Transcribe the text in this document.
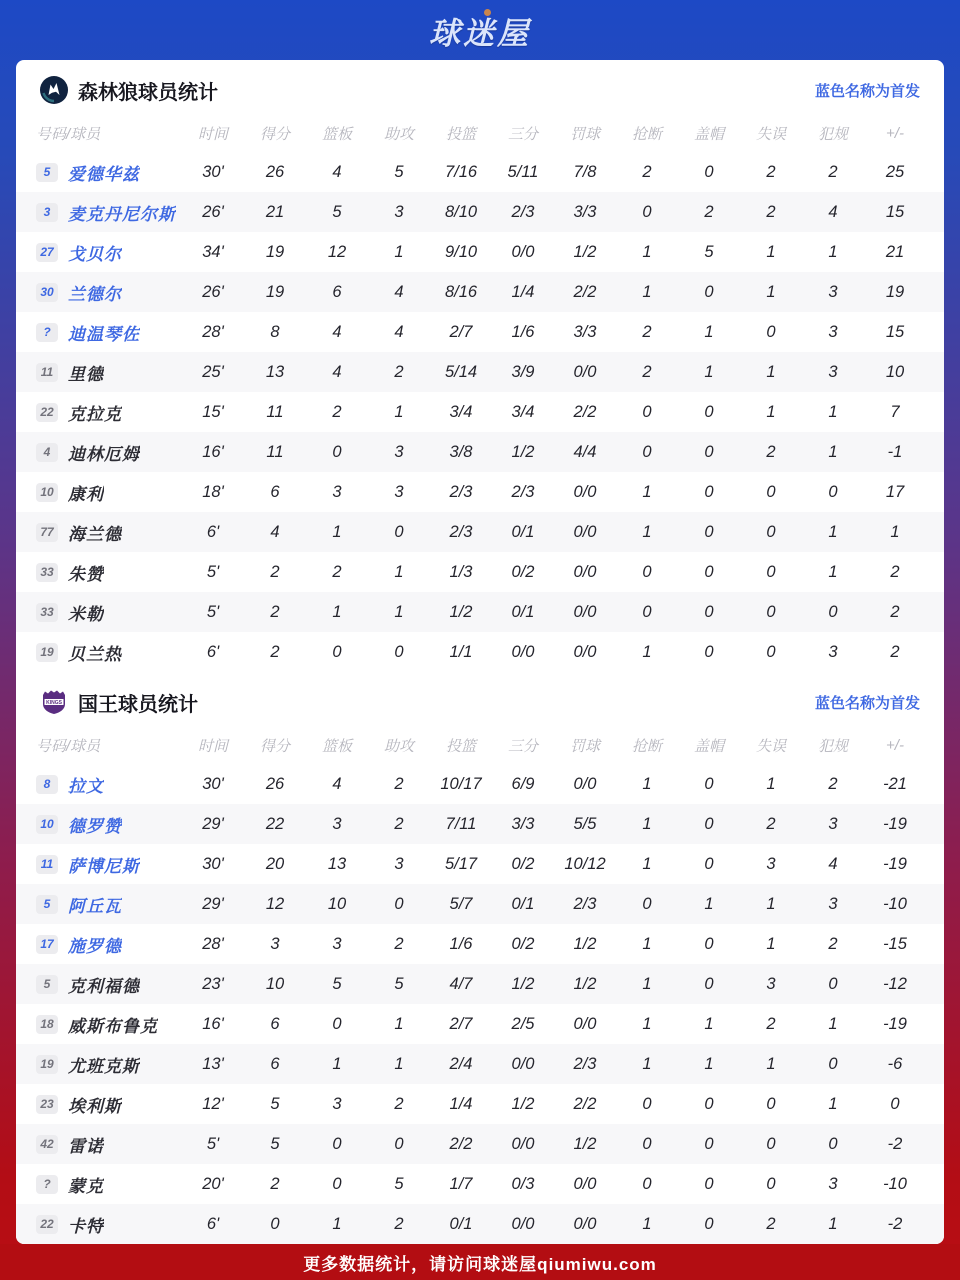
球迷屋
森林狼球员统计	蓝色名称为首发
号码/球员	时间	得分	篮板	助攻	投篮	三分	罚球	抢断	盖帽	失误	犯规	+/-
5	爱德华兹	30'	26	4	5	7/16	5/11	7/8	2	0	2	2	25
3	麦克丹尼尔斯	26'	21	5	3	8/10	2/3	3/3	0	2	2	4	15
27 戈贝尔	34'	19	12	1	9/10	0/0	1/2	1	5	1	1	21
30 兰德尔	26'	19	6	4	8/16	1/4	2/2	1	0	1	3	19
?	迪温琴佐	28'	8	4	4	2/7	1/6	3/3	2	1	0	3	15
11 里德	25'	13	4	2	5/14	3/9	0/0	2	1	1	3	10
22 克拉克	15'	11	2	1	3/4	3/4	2/2	0	0	1	1	7
4	迪林厄姆	16'	11	0	3	3/8	1/2	4/4	0	0	2	1	-1
10 康利	18'	6	3	3	2/3	2/3	0/0	1	0	0	0	17
77 海兰德	6'	4	1	0	2/3	0/1	0/0	1	0	0	1	1
33 朱赞	5'	2	2	1	1/3	0/2	0/0	0	0	0	1	2
33 米勒	5'	2	1	1	1/2	0/1	0/0	0	0	0	0	2
19 贝兰热	6'	2	0	0	1/1	0/0	0/0	1	0	0	3	2
KINGS 国王球员统计	蓝色名称为首发
号码/球员	时间	得分	篮板	助攻	投篮	三分	罚球	抢断	盖帽	失误	犯规	+/-
8	拉文	30'	26	4	2	10/17	6/9	0/0	1	0	1	2	-21
10 德罗赞	29'	22	3	2	7/11	3/3	5/5	1	0	2	3	-19
11 萨博尼斯	30'	20	13	3	5/17	0/2	10/12	1	0	3	4	-19
5	阿丘瓦	29'	12	10	0	5/7	0/1	2/3	0	1	1	3	-10
17 施罗德	28'	3	3	2	1/6	0/2	1/2	1	0	1	2	-15
5	克利福德	23'	10	5	5	4/7	1/2	1/2	1	0	3	0	-12
18 威斯布鲁克	16'	6	0	1	2/7	2/5	0/0	1	1	2	1	-19
19 尤班克斯	13'	6	1	1	2/4	0/0	2/3	1	1	1	0	-6
23 埃利斯	12'	5	3	2	1/4	1/2	2/2	0	0	0	1	0
42 雷诺	5'	5	0	0	2/2	0/0	1/2	0	0	0	0	-2
?	蒙克	20'	2	0	5	1/7	0/3	0/0	0	0	0	3	-10
22 卡特	6'	0	1	2	0/1	0/0	0/0	1	0	2	1	-2
更多数据统计，请访问球迷屋qiumiwu.com
